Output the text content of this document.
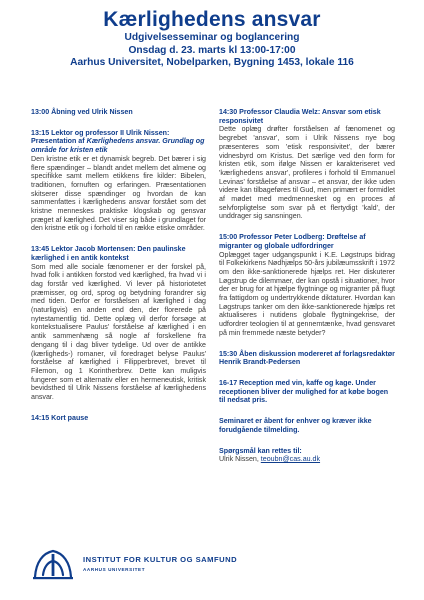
Kærlighedens ansvar
Udgivelsesseminar og boglancering
Onsdag d. 23. marts kl 13:00-17:00
Aarhus Universitet, Nobelparken, Bygning 1453, lokale 116
13:00 Åbning ved Ulrik Nissen
13:15 Lektor og professor II Ulrik Nissen: Præsentation af Kærlighedens ansvar. Grundlag og område for kristen etik
Den kristne etik er et dynamisk begreb. Det bærer i sig flere spændinger – blandt andet mellem det almene og specifikke samt mellem etikkens fire kilder: Bibelen, traditionen, fornuften og erfaringen. Præsentationen skitserer disse spændinger og hvordan de kan sammenfattes i kærlighedens ansvar forstået som det kristne menneskes praktiske klogskab og gensvar præget af kærlighed. Det viser sig både i grundlaget for den kristne etik og i forhold til en række etiske områder.
13:45 Lektor Jacob Mortensen: Den paulinske kærlighed i en antik kontekst
Som med alle sociale fænomener er der forskel på, hvad folk i antikken forstod ved kærlighed, fra hvad vi i dag forstår ved kærlighed. Vi lever på historiotetet præmisser, og ord, sprog og betydning forandrer sig med tiden. Derfor er forståelsen af kærlighed i dag (naturligvis) en anden end den, der florerede på nytestamentlig tid. Dette oplæg vil derfor forsøge at kontekstualisere Paulus' forståelse af kærlighed i en antik sammenhæng så nogle af forskellene fra dengang til i dag bliver tydelige. Ud over de antikke (kærligheds-) romaner, vil foredraget belyse Paulus' forståelse af kærlighed i Filipperbrevet, brevet til Filemon, og 1 Korintherbrev. Dette kan muligvis fungerer som et alternativ eller en hermeneutisk, kritisk bevidsthed til Ulrik Nissens forståelse af kærlighedens ansvar.
14:15 Kort pause
14:30 Professor Claudia Welz: Ansvar som etisk responsivitet
Dette oplæg drøfter forståelsen af fænomenet og begrebet 'ansvar', som i Ulrik Nissens nye bog præsenteres som 'etisk responsivitet', der bærer vidnesbyrd om Kristus. Det særlige ved den form for kristen etik, som ifølge Nissen er karakteriseret ved 'kærlighedens ansvar', profileres i forhold til Emmanuel Levinas' forståelse af ansvar – et ansvar, der ikke uden videre kan tilbageføres til Gud, men primært er formidlet af mødet med medmennesket og en proces af selvforpligtelse som svar på et flertydigt 'kald', der unddrager sig sansningen.
15:00 Professor Peter Lodberg: Drøftelse af migranter og globale udfordringer
Oplægget tager udgangspunkt i K.E. Løgstrups bidrag til Folkekirkens Nødhjælps 50-års jubilæumsskrift i 1972 om den ikke-sanktionerede hjælps ret. Her diskuterer Løgstrup de dilemmaer, der kan opstå i situationer, hvor der er brug for at hjælpe flygtninge og migranter på flugt fra fattigdom og undertrykkende diktaturer. Hvordan kan Løgstrups tanker om den ikke-sanktionerede hjælps ret aktualiseres i nutidens globale flygtningekrise, der udfordrer teologien til at gennemtænke, hvad gensvaret på min fremmede næste betyder?
15:30 Åben diskussion modereret af forlagsredaktør Henrik Brandt-Pedersen
16-17 Reception med vin, kaffe og kage. Under receptionen bliver der mulighed for at købe bogen til nedsat pris.
Seminaret er åbent for enhver og kræver ikke forudgående tilmelding.
Spørgsmål kan rettes til:
Ulrik Nissen, teoubn@cas.au.dk
INSTITUT FOR KULTUR OG SAMFUND
AARHUS UNIVERSITET
